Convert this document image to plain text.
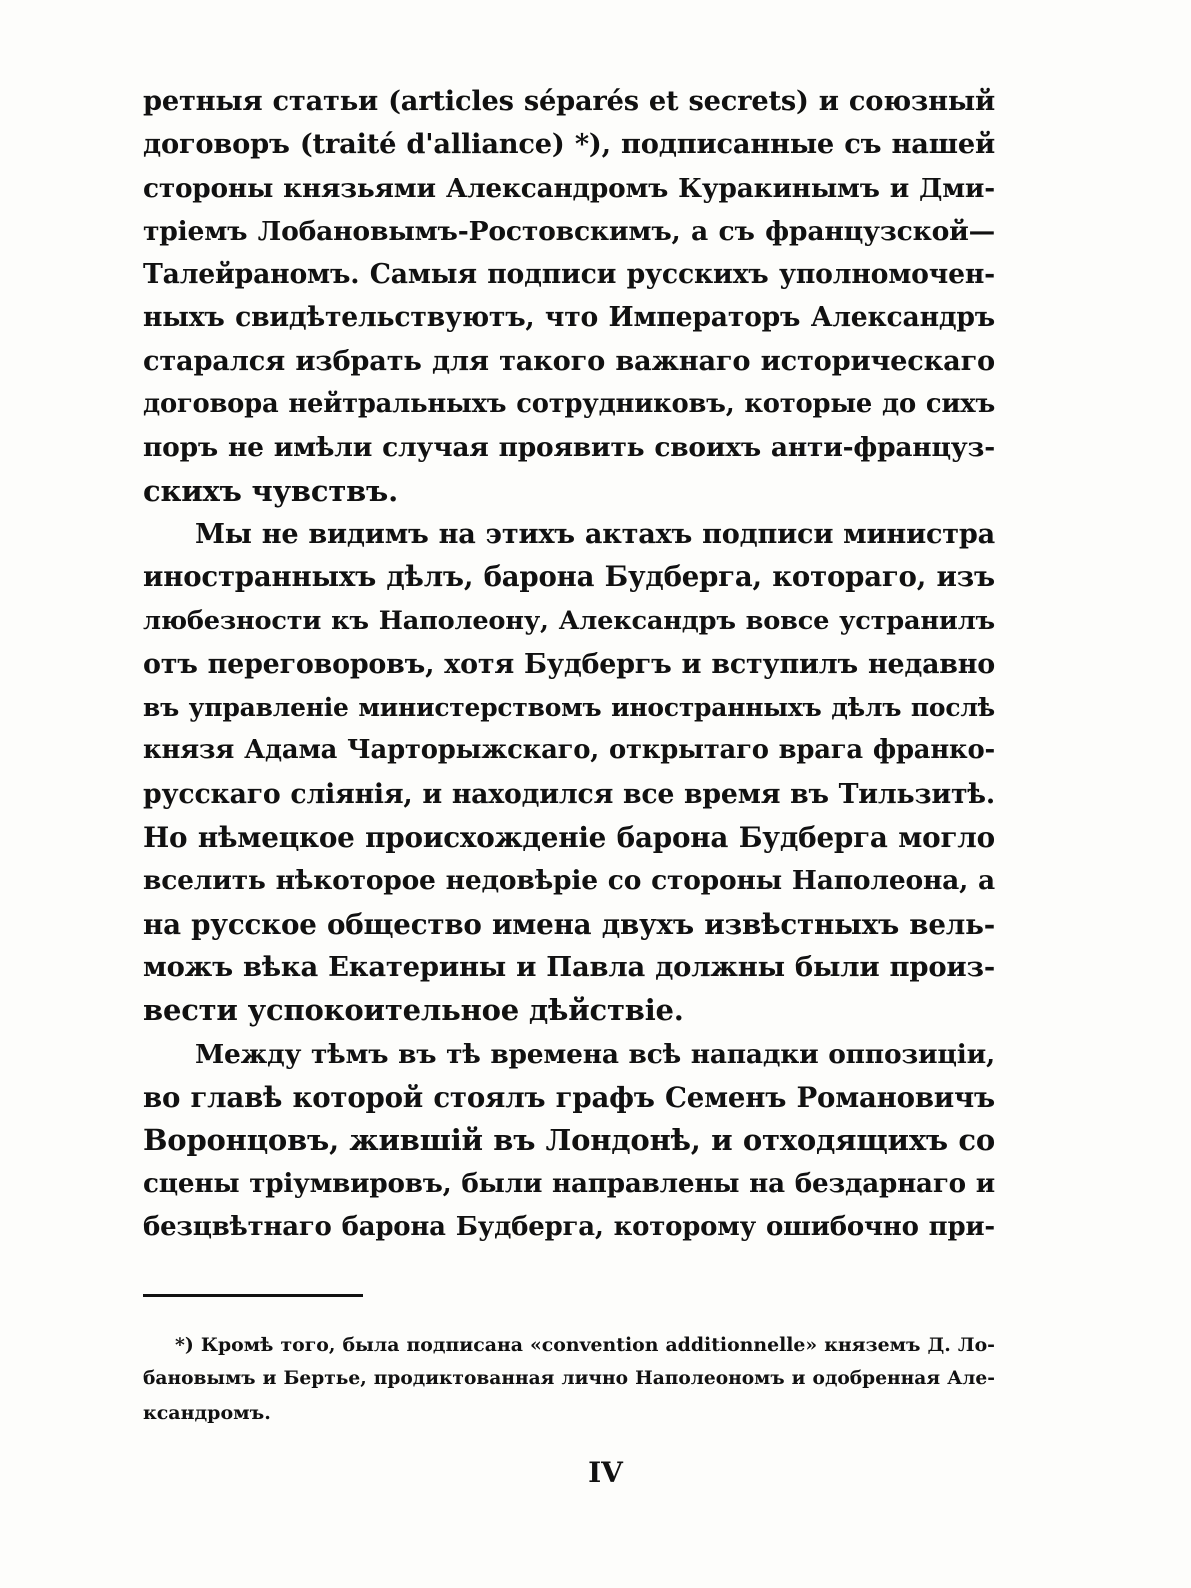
ретныя статьи (articles séparés et secrets) и союзный
договоръ (traité d'alliance) *), подписанные съ нашей
стороны князьями Александромъ Куракинымъ и Дми-
тріемъ Лобановымъ-Ростовскимъ, а съ французской—
Талейраномъ. Самыя подписи русскихъ уполномочен-
ныхъ свидѣтельствуютъ, что Императоръ Александръ
старался избрать для такого важнаго историческаго
договора нейтральныхъ сотрудниковъ, которые до сихъ
поръ не имѣли случая проявить своихъ анти-француз-
скихъ чувствъ.
Мы не видимъ на этихъ актахъ подписи министра
иностранныхъ дѣлъ, барона Будберга, котораго, изъ
любезности къ Наполеону, Александръ вовсе устранилъ
отъ переговоровъ, хотя Будбергъ и вступилъ недавно
въ управленіе министерствомъ иностранныхъ дѣлъ послѣ
князя Адама Чарторыжскаго, открытаго врага франко-
русскаго сліянія, и находился все время въ Тильзитѣ.
Но нѣмецкое происхожденіе барона Будберга могло
вселить нѣкоторое недовѣріе со стороны Наполеона, а
на русское общество имена двухъ извѣстныхъ вель-
можъ вѣка Екатерины и Павла должны были произ-
вести успокоительное дѣйствіе.
Между тѣмъ въ тѣ времена всѣ нападки оппозиціи,
во главѣ которой стоялъ графъ Семенъ Романовичъ
Воронцовъ, жившій въ Лондонѣ, и отходящихъ со
сцены тріумвировъ, были направлены на бездарнаго и
безцвѣтнаго барона Будберга, которому ошибочно при-
*) Кромѣ того, была подписана «convention additionnelle» княземъ Д. Ло-
бановымъ и Бертье, продиктованная лично Наполеономъ и одобренная Але-
ксандромъ.
IV
